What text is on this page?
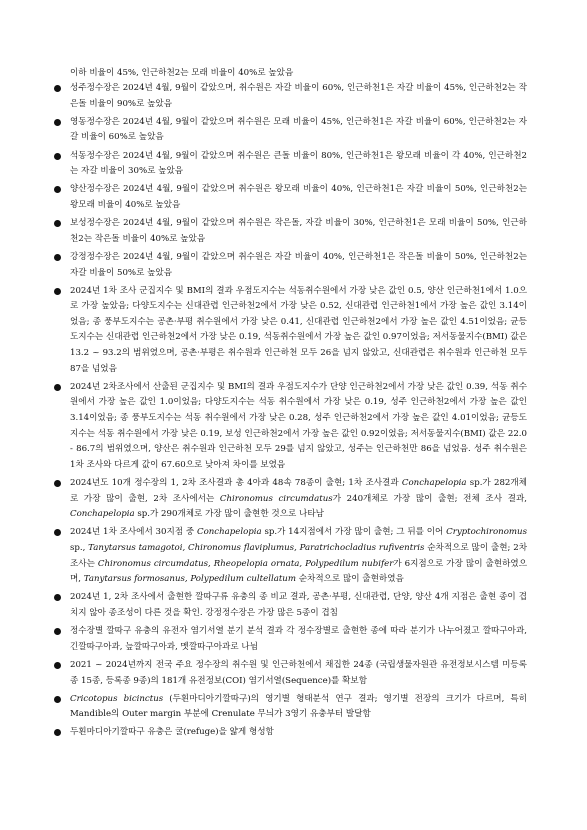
이하 비율이 45%, 인근하천2는 모래 비율이 40%로 높았음
성주정수장은 2024년 4월, 9월이 같았으며, 취수원은 자갈 비율이 60%, 인근하천1은 자갈 비율이 45%, 인근하천2는 작은돌 비율이 90%로 높았음
영동정수장은 2024년 4월, 9월이 같았으며 취수원은 모래 비율이 45%, 인근하천1은 자갈 비율이 60%, 인근하천2는 자갈 비율이 60%로 높았음
석동정수장은 2024년 4월, 9월이 같았으며 취수원은 큰돌 비율이 80%, 인근하천1은 왕모래 비율이 각 40%, 인근하천2는 자갈 비율이 30%로 높았음
양산정수장은 2024년 4월, 9월이 같았으며 취수원은 왕모래 비율이 40%, 인근하천1은 자갈 비율이 50%, 인근하천2는 왕모래 비율이 40%로 높았음
보성정수장은 2024년 4월, 9월이 같았으며 취수원은 작은돌, 자갈 비율이 30%, 인근하천1은 모래 비율이 50%, 인근하천2는 작은돌 비율이 40%로 높았음
강정정수장은 2024년 4월, 9월이 같았으며 취수원은 자갈 비율이 40%, 인근하천1은 작은돌 비율이 50%, 인근하천2는 자갈 비율이 50%로 높았음
2024년 1차 조사 군집지수 및 BMI의 결과 우점도지수는 석동취수원에서 가장 낮은 값인 0.5, 양산 인근하천1에서 1.0으로 가장 높았음; 다양도지수는 신대관렵 인근하천2에서 가장 낮은 0.52, 신대관렵 인근하천1에서 가장 높은 값인 3.14이었음; 종 풍부도지수는 공촌·부평 취수원에서 가장 낮은 0.41, 신대관렵 인근하천2에서 가장 높은 값인 4.51이었음; 균등도지수는 신대관렵 인근하천2에서 가장 낮은 0.19, 석동취수원에서 가장 높은 값인 0.97이었음; 저서동물지수(BMI) 값은 13.2 ~ 93.2의 범위였으며, 공촌·부평은 취수원과 인근하천 모두 26을 넘지 않았고, 신대관렵은 취수원과 인근하천 모두 87을 넘었음
2024년 2차조사에서 산출된 군집지수 및 BMI의 결과 우점도지수가 단양 인근하천2에서 가장 낮은 값인 0.39, 석동 취수원에서 가장 높은 값인 1.0이었음; 다양도지수는 석동 취수원에서 가장 낮은 0.19, 성주 인근하천2에서 가장 높은 값인 3.14이었음; 종 풍부도지수는 석동 취수원에서 가장 낮은 0.28, 성주 인근하천2에서 가장 높은 값인 4.01이었음; 균등도지수는 석동 취수원에서 가장 낮은 0.19, 보성 인근하천2에서 가장 높은 값인 0.92이었음; 저서동물지수(BMI) 값은 22.0 - 86.7의 범위였으며, 양산은 취수원과 인근하천 모두 29를 넘지 않았고, 성주는 인근하천만 86을 넘었음. 성주 취수원은 1차 조사와 다르게 값이 67.60으로 낮아져 차이를 보였음
2024년도 10개 정수장의 1, 2차 조사결과 총 4아과 48속 78종이 출현; 1차 조사결과 Conchapelopia sp.가 282개체로 가장 많이 출현, 2차 조사에서는 Chironomus circumdatus가 240개체로 가장 많이 출현; 전체 조사 결과, Conchapelopia sp.가 290개체로 가장 많이 출현한 것으로 나타남
2024년 1차 조사에서 30지점 중 Conchapelopia sp.가 14지점에서 가장 많이 출현; 그 뒤를 이어 Cryptochironomus sp., Tanytarsus tamagotoi, Chironomus flaviplumus, Paratrichocladius rufiventris 순차적으로 많이 출현; 2차 조사는 Chironomus circumdatus, Rheopelopia ornata, Polypedilum nubifer가 6지점으로 가장 많이 출현하였으며, Tanytarsus formosanus, Polypedilum cultellatum 순차적으로 많이 출현하였음
2024년 1, 2차 조사에서 출현한 깔따구류 유충의 종 비교 결과, 공촌·부평, 신대관렵, 단양, 양산 4개 지점은 출현 종이 겹치지 않아 종조성이 다른 것을 확인. 강정정수장은 가장 많은 5종이 겹침
정수장별 깔따구 유충의 유전자 염기서열 분기 분석 결과 각 정수장별로 출현한 종에 따라 분기가 나누어졌고 깔따구아과, 긴깔따구아과, 늪깔따구아과, 멧깔따구아과로 나뉨
2021 ~ 2024년까지 전국 주요 정수장의 취수원 및 인근하천에서 채집한 24종 (국립생물자원관 유전정보시스템 미등록종 15종, 등록종 9종)의 181개 유전정보(COI) 염기서열(Sequence)를 확보함
Cricotopus bicinctus (두횐마디아기깔따구)의 영기별 형태분석 연구 결과; 영기별 전장의 크기가 다르며, 특히 Mandible의 Outer margin 부분에 Crenulate 무늬가 3영기 유충부터 발달함
두횐마디아기깔따구 유충은 굴(refuge)을 얇게 형성함
